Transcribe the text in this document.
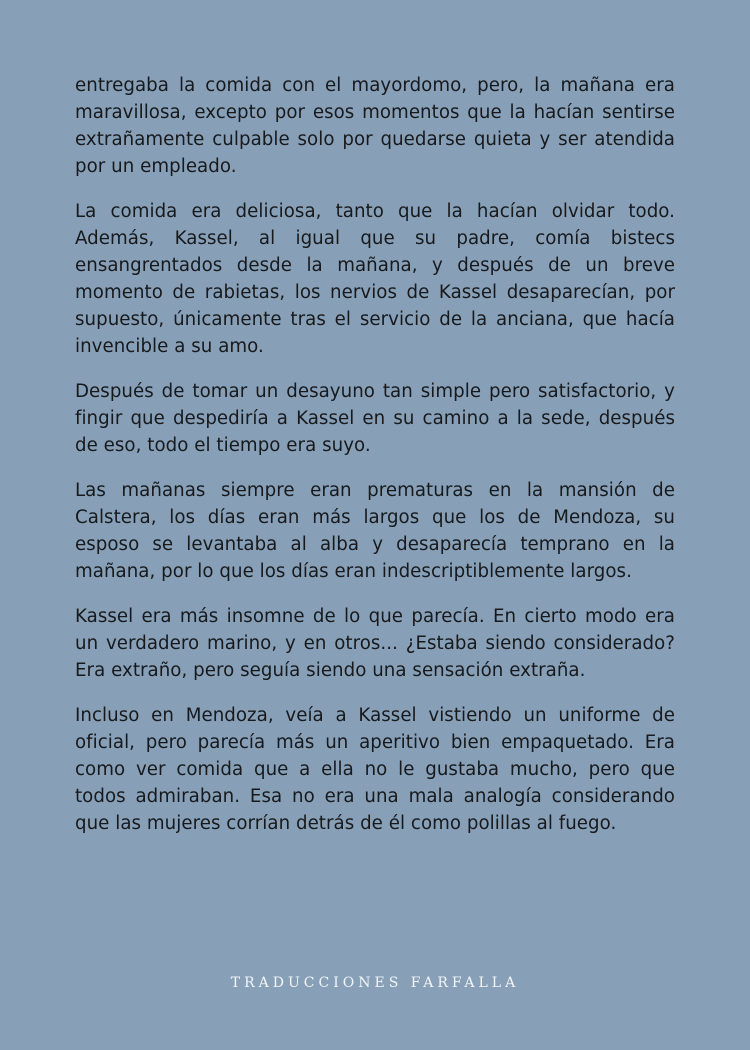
entregaba la comida con el mayordomo, pero, la mañana era maravillosa, excepto por esos momentos que la hacían sentirse extrañamente culpable solo por quedarse quieta y ser atendida por un empleado.

La comida era deliciosa, tanto que la hacían olvidar todo. Además, Kassel, al igual que su padre, comía bistecs ensangrentados desde la mañana, y después de un breve momento de rabietas, los nervios de Kassel desaparecían, por supuesto, únicamente tras el servicio de la anciana, que hacía invencible a su amo.

Después de tomar un desayuno tan simple pero satisfactorio, y fingir que despediría a Kassel en su camino a la sede, después de eso, todo el tiempo era suyo.

Las mañanas siempre eran prematuras en la mansión de Calstera, los días eran más largos que los de Mendoza, su esposo se levantaba al alba y desaparecía temprano en la mañana, por lo que los días eran indescriptiblemente largos.

Kassel era más insomne de lo que parecía. En cierto modo era un verdadero marino, y en otros... ¿Estaba siendo considerado? Era extraño, pero seguía siendo una sensación extraña.

Incluso en Mendoza, veía a Kassel vistiendo un uniforme de oficial, pero parecía más un aperitivo bien empaquetado. Era como ver comida que a ella no le gustaba mucho, pero que todos admiraban. Esa no era una mala analogía considerando que las mujeres corrían detrás de él como polillas al fuego.

TRADUCCIONES FARFALLA
